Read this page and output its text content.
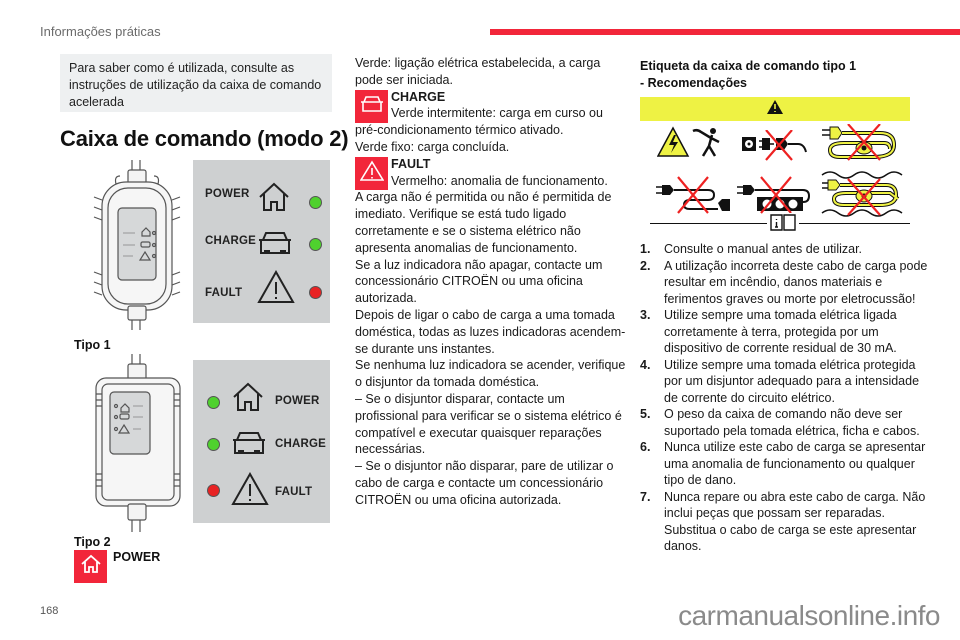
Informações práticas
Para saber como é utilizada, consulte as instruções de utilização da caixa de comando acelerada
Caixa de comando (modo 2)
POWER
CHARGE
FAULT
Tipo 1
POWER
CHARGE
FAULT
Tipo 2
POWER

Verde: ligação elétrica estabelecida, a carga

pode ser iniciada.

CHARGE

Verde intermitente: carga em curso ou

pré-condicionamento térmico ativado.

Verde fixo: carga concluída.

FAULT

Vermelho: anomalia de funcionamento.

A carga não é permitida ou não é permitida de imediato. Verifique se está tudo ligado corretamente e se o sistema elétrico não apresenta anomalias de funcionamento.

Se a luz indicadora não apagar, contacte um concessionário CITROËN ou uma oficina autorizada.

Depois de ligar o cabo de carga a uma tomada doméstica, todas as luzes indicadoras acendem-se durante uns instantes.

Se nenhuma luz indicadora se acender, verifique o disjuntor da tomada doméstica.

– Se o disjuntor disparar, contacte um profissional para verificar se o sistema elétrico é compatível e executar quaisquer reparações necessárias.

– Se o disjuntor não disparar, pare de utilizar o cabo de carga e contacte um concessionário CITROËN ou uma oficina autorizada.

Etiqueta da caixa de comando tipo 1
- Recomendações
1.	Consulte o manual antes de utilizar.
2.	A utilização incorreta deste cabo de carga pode resultar em incêndio, danos materiais e ferimentos graves ou morte por eletrocussão!
3.	Utilize sempre uma tomada elétrica ligada corretamente à terra, protegida por um dispositivo de corrente residual de 30 mA.
4.	Utilize sempre uma tomada elétrica protegida por um disjuntor adequado para a intensidade de corrente do circuito elétrico.
5.	O peso da caixa de comando não deve ser suportado pela tomada elétrica, ficha e cabos.
6.	Nunca utilize este cabo de carga se apresentar uma anomalia de funcionamento ou qualquer tipo de dano.
7.	Nunca repare ou abra este cabo de carga. Não inclui peças que possam ser reparadas. Substitua o cabo de carga se este apresentar danos.
168	carmanualsonline.info
